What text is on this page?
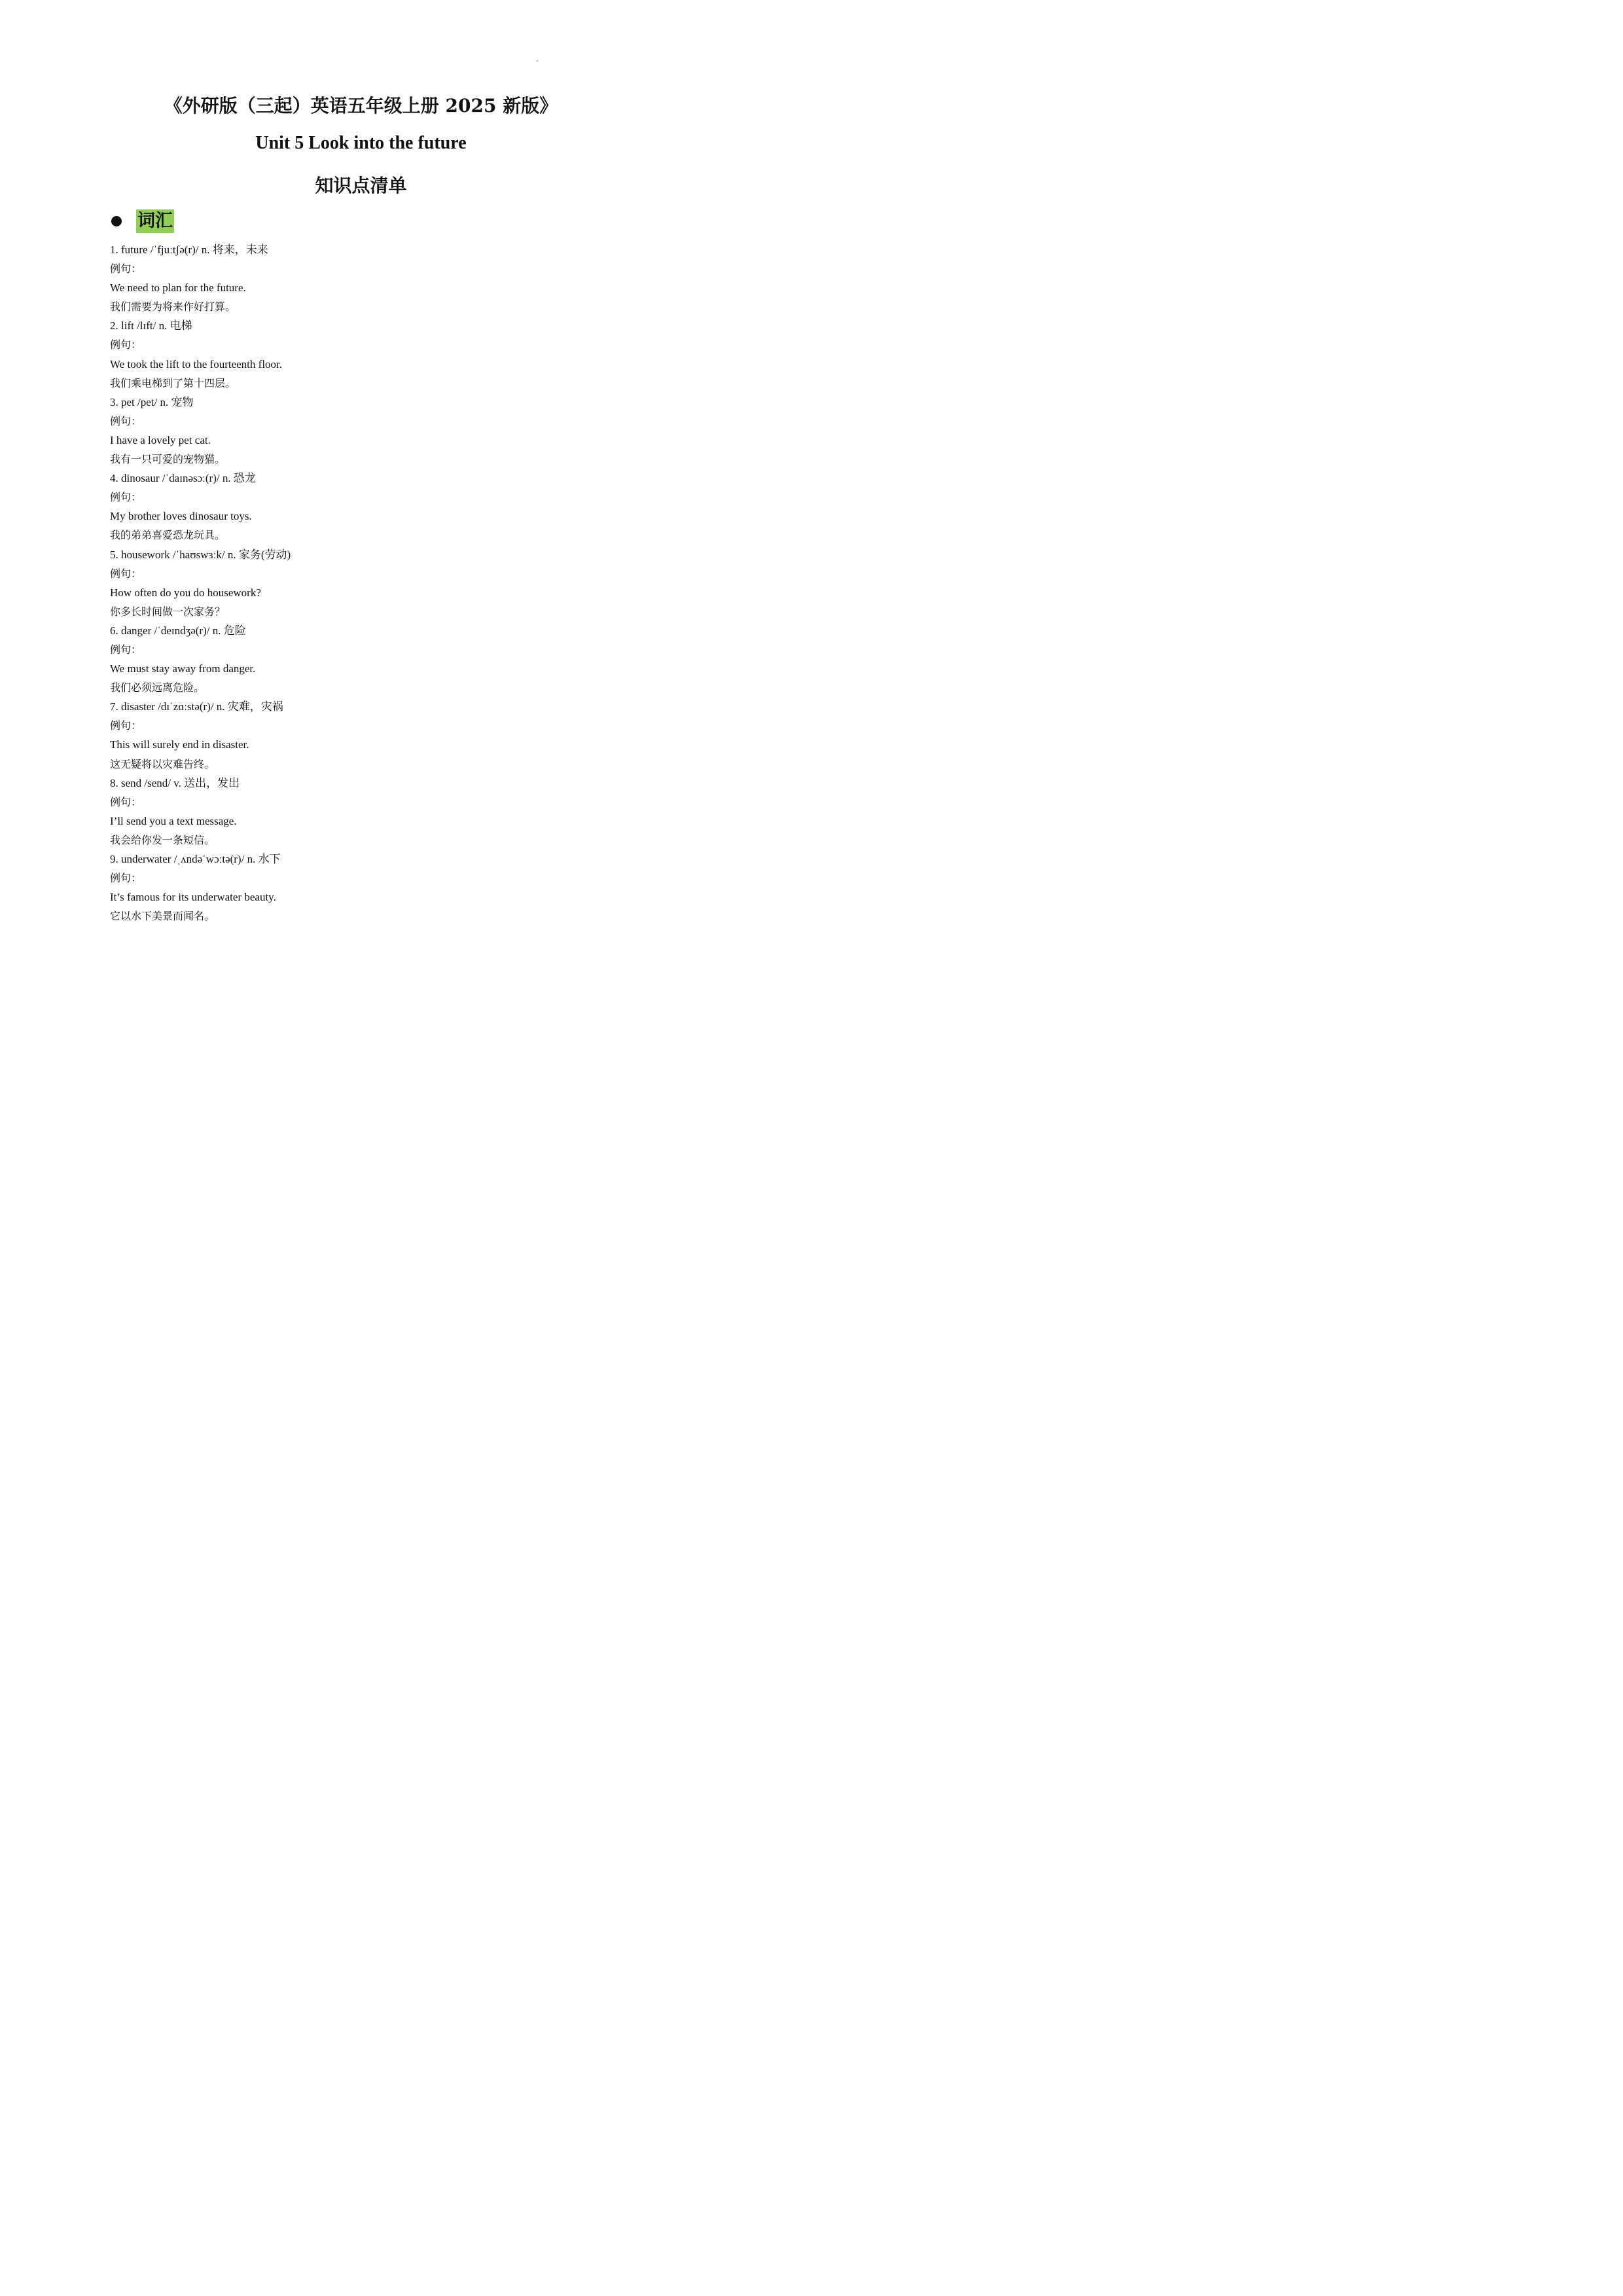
《外研版（三起）英语五年级上册 2025 新版》
Unit 5 Look into the future
知识点清单
词汇
1. future /ˈfjuːtʃə(r)/ n. 将来，未来
例句：
We need to plan for the future.
我们需要为将来作好打算。
2. lift /lɪft/ n. 电梯
例句：
We took the lift to the fourteenth floor.
我们乘电梯到了第十四层。
3. pet /pet/ n. 宠物
例句：
I have a lovely pet cat.
我有一只可爱的宠物猫。
4. dinosaur /ˈdaɪnəsɔː(r)/ n. 恐龙
例句：
My brother loves dinosaur toys.
我的弟弟喜爱恐龙玩具。
5. housework /ˈhaʊswɜːk/ n. 家务(劳动)
例句：
How often do you do housework?
你多长时间做一次家务？
6. danger /ˈdeɪndʒə(r)/ n. 危险
例句：
We must stay away from danger.
我们必须远离危险。
7. disaster /dɪˈzɑːstə(r)/ n. 灾难，灾祸
例句：
This will surely end in disaster.
这无疑将以灾难告终。
8. send /send/ v. 送出，发出
例句：
I’ll send you a text message.
我会给你发一条短信。
9. underwater /ˌʌndəˈwɔːtə(r)/ n. 水下
例句：
It’s famous for its underwater beauty.
它以水下美景而闻名。
